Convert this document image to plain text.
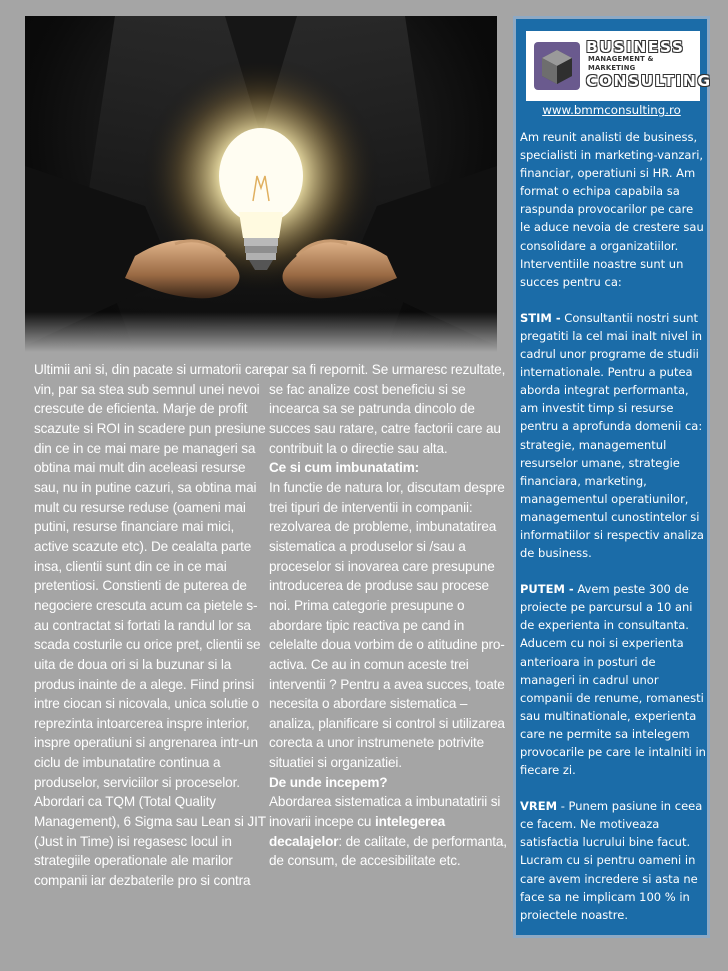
Ultimii ani si, din pacate si urmatorii care vin, par sa stea sub semnul unei nevoi crescute de eficienta. Marje de profit scazute si ROI in scadere pun presiune din ce in ce mai mare pe manageri sa obtina mai mult din aceleasi resurse sau, nu in putine cazuri, sa obtina mai mult cu resurse reduse (oameni mai putini, resurse financiare mai mici, active scazute etc). De cealalta parte insa, clientii sunt din ce in ce mai pretentiosi. Constienti de puterea de negociere crescuta acum ca pietele s-au contractat si fortati la randul lor sa scada costurile cu orice pret, clientii se uita de doua ori si la buzunar si la produs inainte de a alege. Fiind prinsi intre ciocan si nicovala, unica solutie o reprezinta intoarcerea inspre interior, inspre operatiuni si angrenarea intr-un ciclu de imbunatatire continua a produselor, serviciilor si proceselor.

Abordari ca TQM (Total Quality Management), 6 Sigma sau Lean si JIT (Just in Time) isi regasesc locul in strategiile operationale ale marilor companii iar dezbaterile pro si contra

par sa fi repornit. Se urmaresc rezultate, se fac analize cost beneficiu si se incearca sa se patrunda dincolo de succes sau ratare, catre factorii care au contribuit la o directie sau alta.

Ce si cum imbunatatim:

In functie de natura lor, discutam despre trei tipuri de interventii in companii: rezolvarea de probleme, imbunatatirea sistematica a produselor si /sau a proceselor si inovarea care presupune introducerea de produse sau procese noi. Prima categorie presupune o abordare tipic reactiva pe cand in celelalte doua vorbim de o atitudine pro-activa. Ce au in comun aceste trei interventii ? Pentru a avea succes, toate necesita o abordare sistematica – analiza, planificare si control si utilizarea corecta a unor instrumenete potrivite situatiei si organizatiei.

De unde incepem?

Abordarea sistematica a imbunatatirii si inovarii incepe cu intelegerea decalajelor: de calitate, de performanta, de consum, de accesibilitate etc.

BUSINESS
MANAGEMENT & MARKETING
CONSULTING
www.bmmconsulting.ro

Am reunit analisti de business, specialisti in marketing-vanzari, financiar, operatiuni si HR. Am format o echipa capabila sa raspunda provocarilor pe care le aduce nevoia de crestere sau consolidare a organizatiilor. Interventiile noastre sunt un succes pentru ca:

STIM - Consultantii nostri sunt pregatiti la cel mai inalt nivel in cadrul unor programe de studii internationale. Pentru a putea aborda integrat performanta, am investit timp si resurse pentru a aprofunda domenii ca: strategie, managementul resurselor umane, strategie financiara, marketing, managementul operatiunilor, managementul cunostintelor si informatiilor si respectiv analiza de business.

PUTEM - Avem peste 300 de proiecte pe parcursul a 10 ani de experienta in consultanta. Aducem cu noi si experienta anterioara in posturi de manageri in cadrul unor companii de renume, romanesti sau multinationale, experienta care ne permite sa intelegem provocarile pe care le intalniti in fiecare zi.

VREM - Punem pasiune in ceea ce facem. Ne motiveaza satisfactia lucrului bine facut. Lucram cu si pentru oameni in care avem incredere si asta ne face sa ne implicam 100 % in proiectele noastre.
